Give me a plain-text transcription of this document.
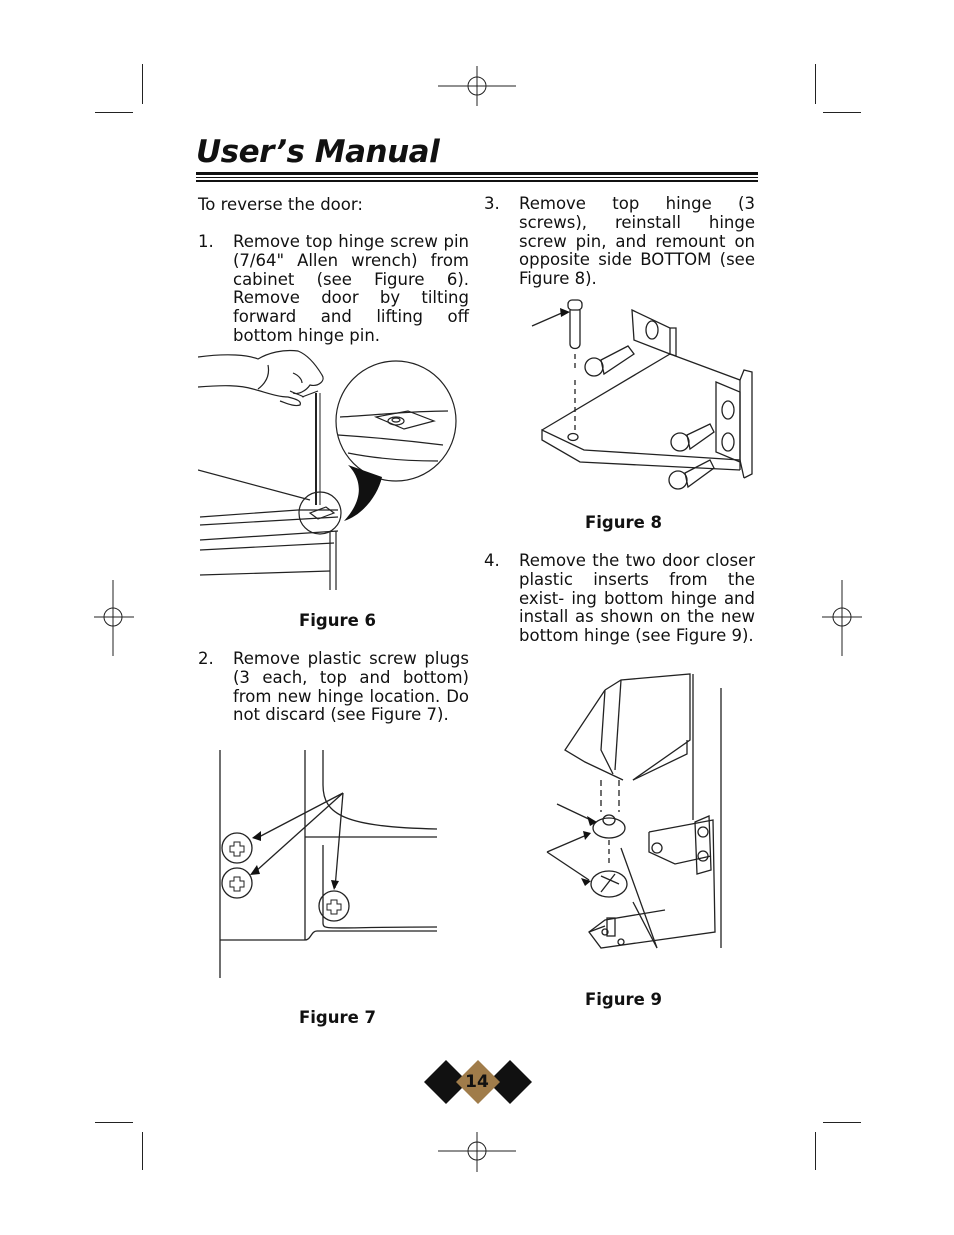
User’s Manual
To reverse the door:
1. Remove top hinge screw pin (7/64" Allen wrench) from cabinet (see Figure 6). Remove door by tilting forward and lifting off bottom hinge pin.
Figure 6
2. Remove plastic screw plugs (3 each, top and bottom) from new hinge location. Do not discard (see Figure 7).
Figure 7
3. Remove top hinge (3 screws), reinstall hinge screw pin, and remount on opposite side BOTTOM (see Figure 8).
Figure 8
4. Remove the two door closer plastic inserts from the exist- ing bottom hinge and install as shown on the new bottom hinge (see Figure 9).
Figure 9
14
